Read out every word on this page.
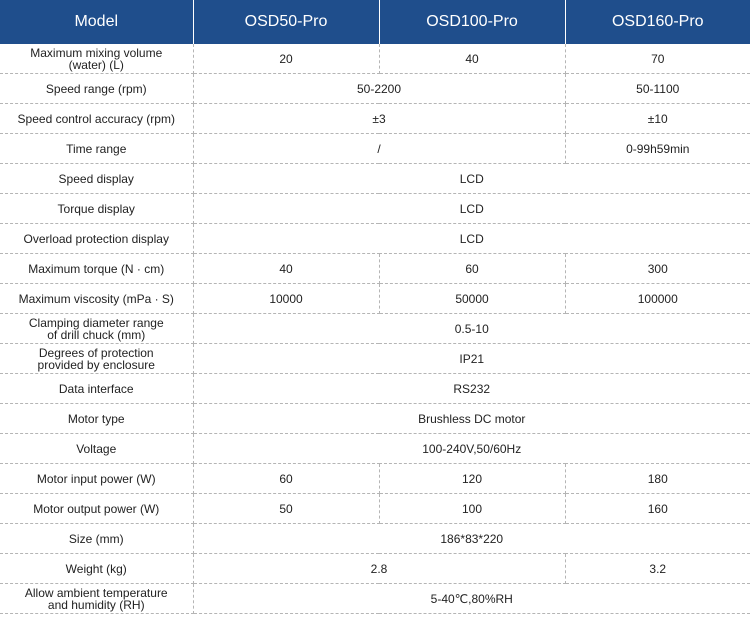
Model	OSD50-Pro	OSD100-Pro	OSD160-Pro
Maximum mixing volume
(water) (L)	20	40	70
Speed range (rpm)	50-2200		50-1100
Speed control accuracy (rpm)	±3		±10
Time range	/		0-99h59min
Speed display	LCD		
Torque display	LCD		
Overload protection display	LCD		
Maximum torque (N · cm)	40	60	300
Maximum viscosity (mPa · S)	10000	50000	100000
Clamping diameter range
of drill chuck (mm)	0.5-10		
Degrees of protection
provided by enclosure	IP21		
Data interface	RS232		
Motor type	Brushless DC motor		
Voltage	100-240V,50/60Hz		
Motor input power (W)	60	120	180
Motor output power (W)	50	100	160
Size (mm)	186*83*220		
Weight (kg)	2.8		3.2
Allow ambient temperature
and humidity (RH)	5-40℃,80%RH		
